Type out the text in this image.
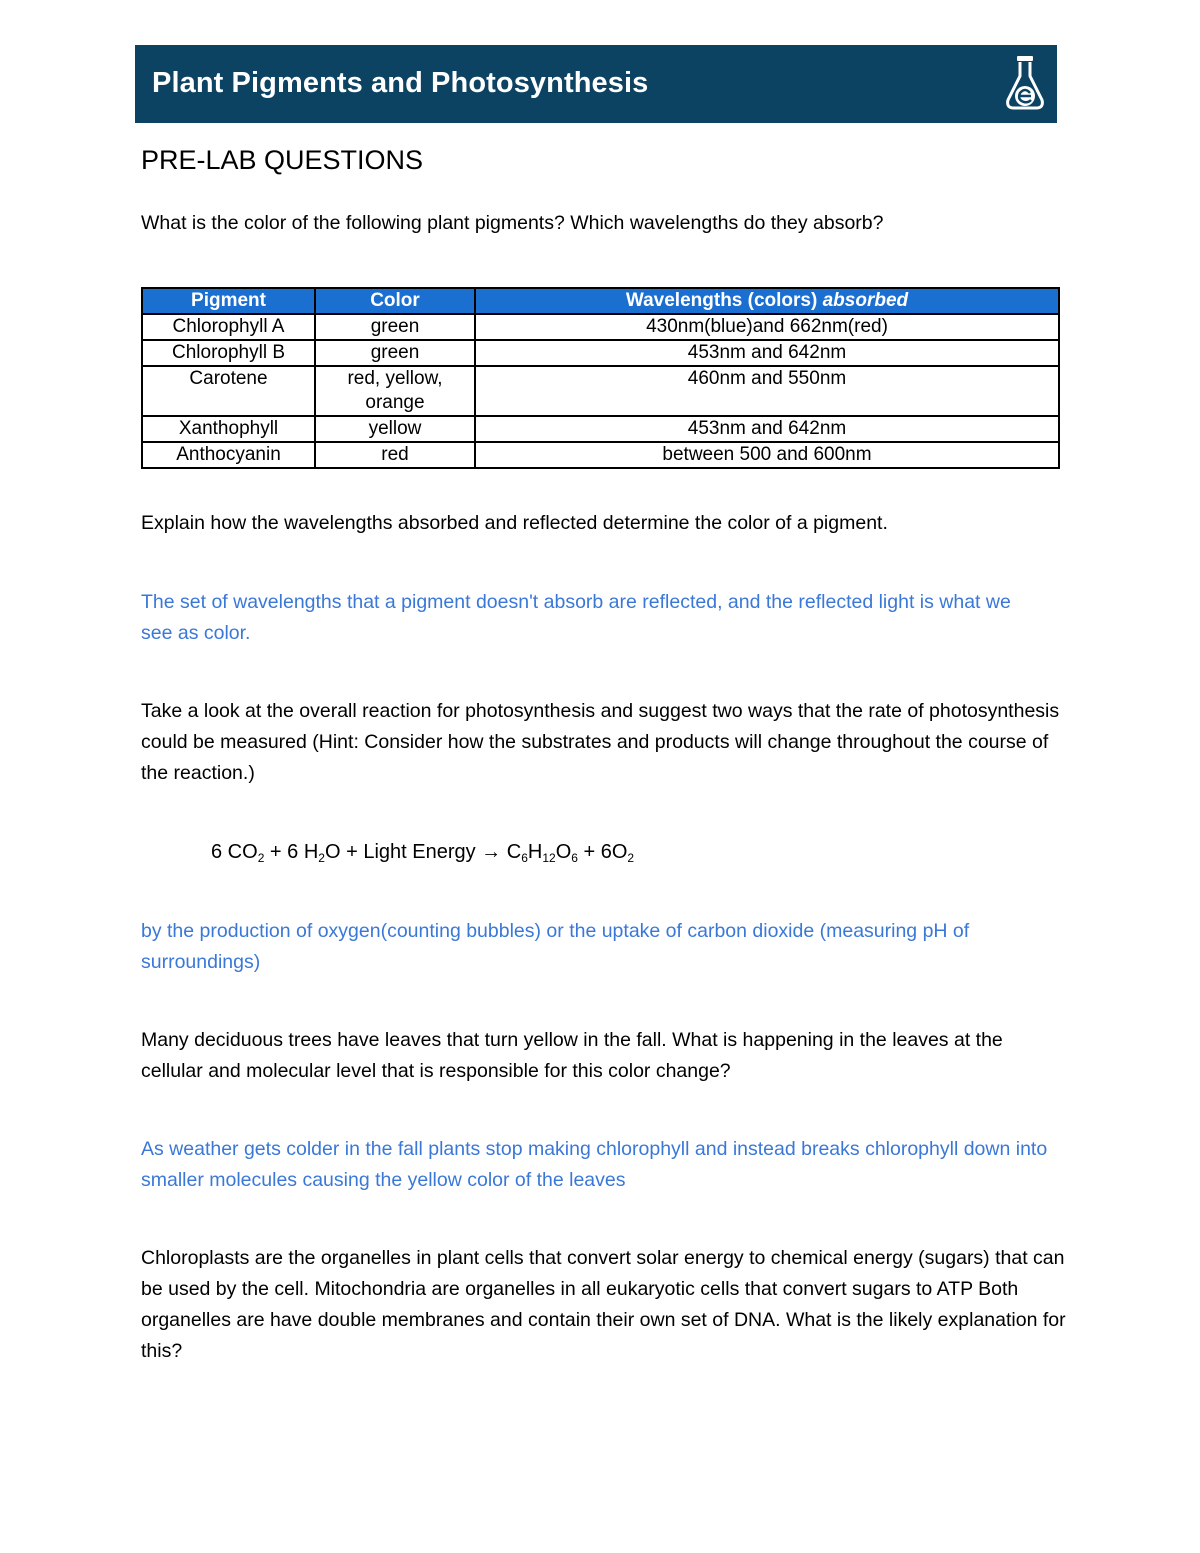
Plant Pigments and Photosynthesis
PRE-LAB QUESTIONS
What is the color of the following plant pigments? Which wavelengths do they absorb?
Pigment	Color	Wavelengths (colors) absorbed
Chlorophyll A	green	430nm(blue)and 662nm(red)
Chlorophyll B	green	453nm and 642nm
Carotene	red, yellow, orange	460nm and 550nm
Xanthophyll	yellow	453nm and 642nm
Anthocyanin	red	between 500 and 600nm
Explain how the wavelengths absorbed and reflected determine the color of a pigment.
The set of wavelengths that a pigment doesn't absorb are reflected, and the reflected light is what we see as color.
Take a look at the overall reaction for photosynthesis and suggest two ways that the rate of photosynthesis could be measured (Hint: Consider how the substrates and products will change throughout the course of the reaction.)
6 $CO_2 + 6$ $H_2O$ + Light Energy → $C_6H_{12}O_6 + 6O_2$
by the production of oxygen(counting bubbles) or the uptake of carbon dioxide (measuring pH of surroundings)
Many deciduous trees have leaves that turn yellow in the fall. What is happening in the leaves at the cellular and molecular level that is responsible for this color change?
As weather gets colder in the fall plants stop making chlorophyll and instead breaks chlorophyll down into smaller molecules causing the yellow color of the leaves
Chloroplasts are the organelles in plant cells that convert solar energy to chemical energy (sugars) that can be used by the cell. Mitochondria are organelles in all eukaryotic cells that convert sugars to ATP Both organelles are have double membranes and contain their own set of DNA. What is the likely explanation for this?
